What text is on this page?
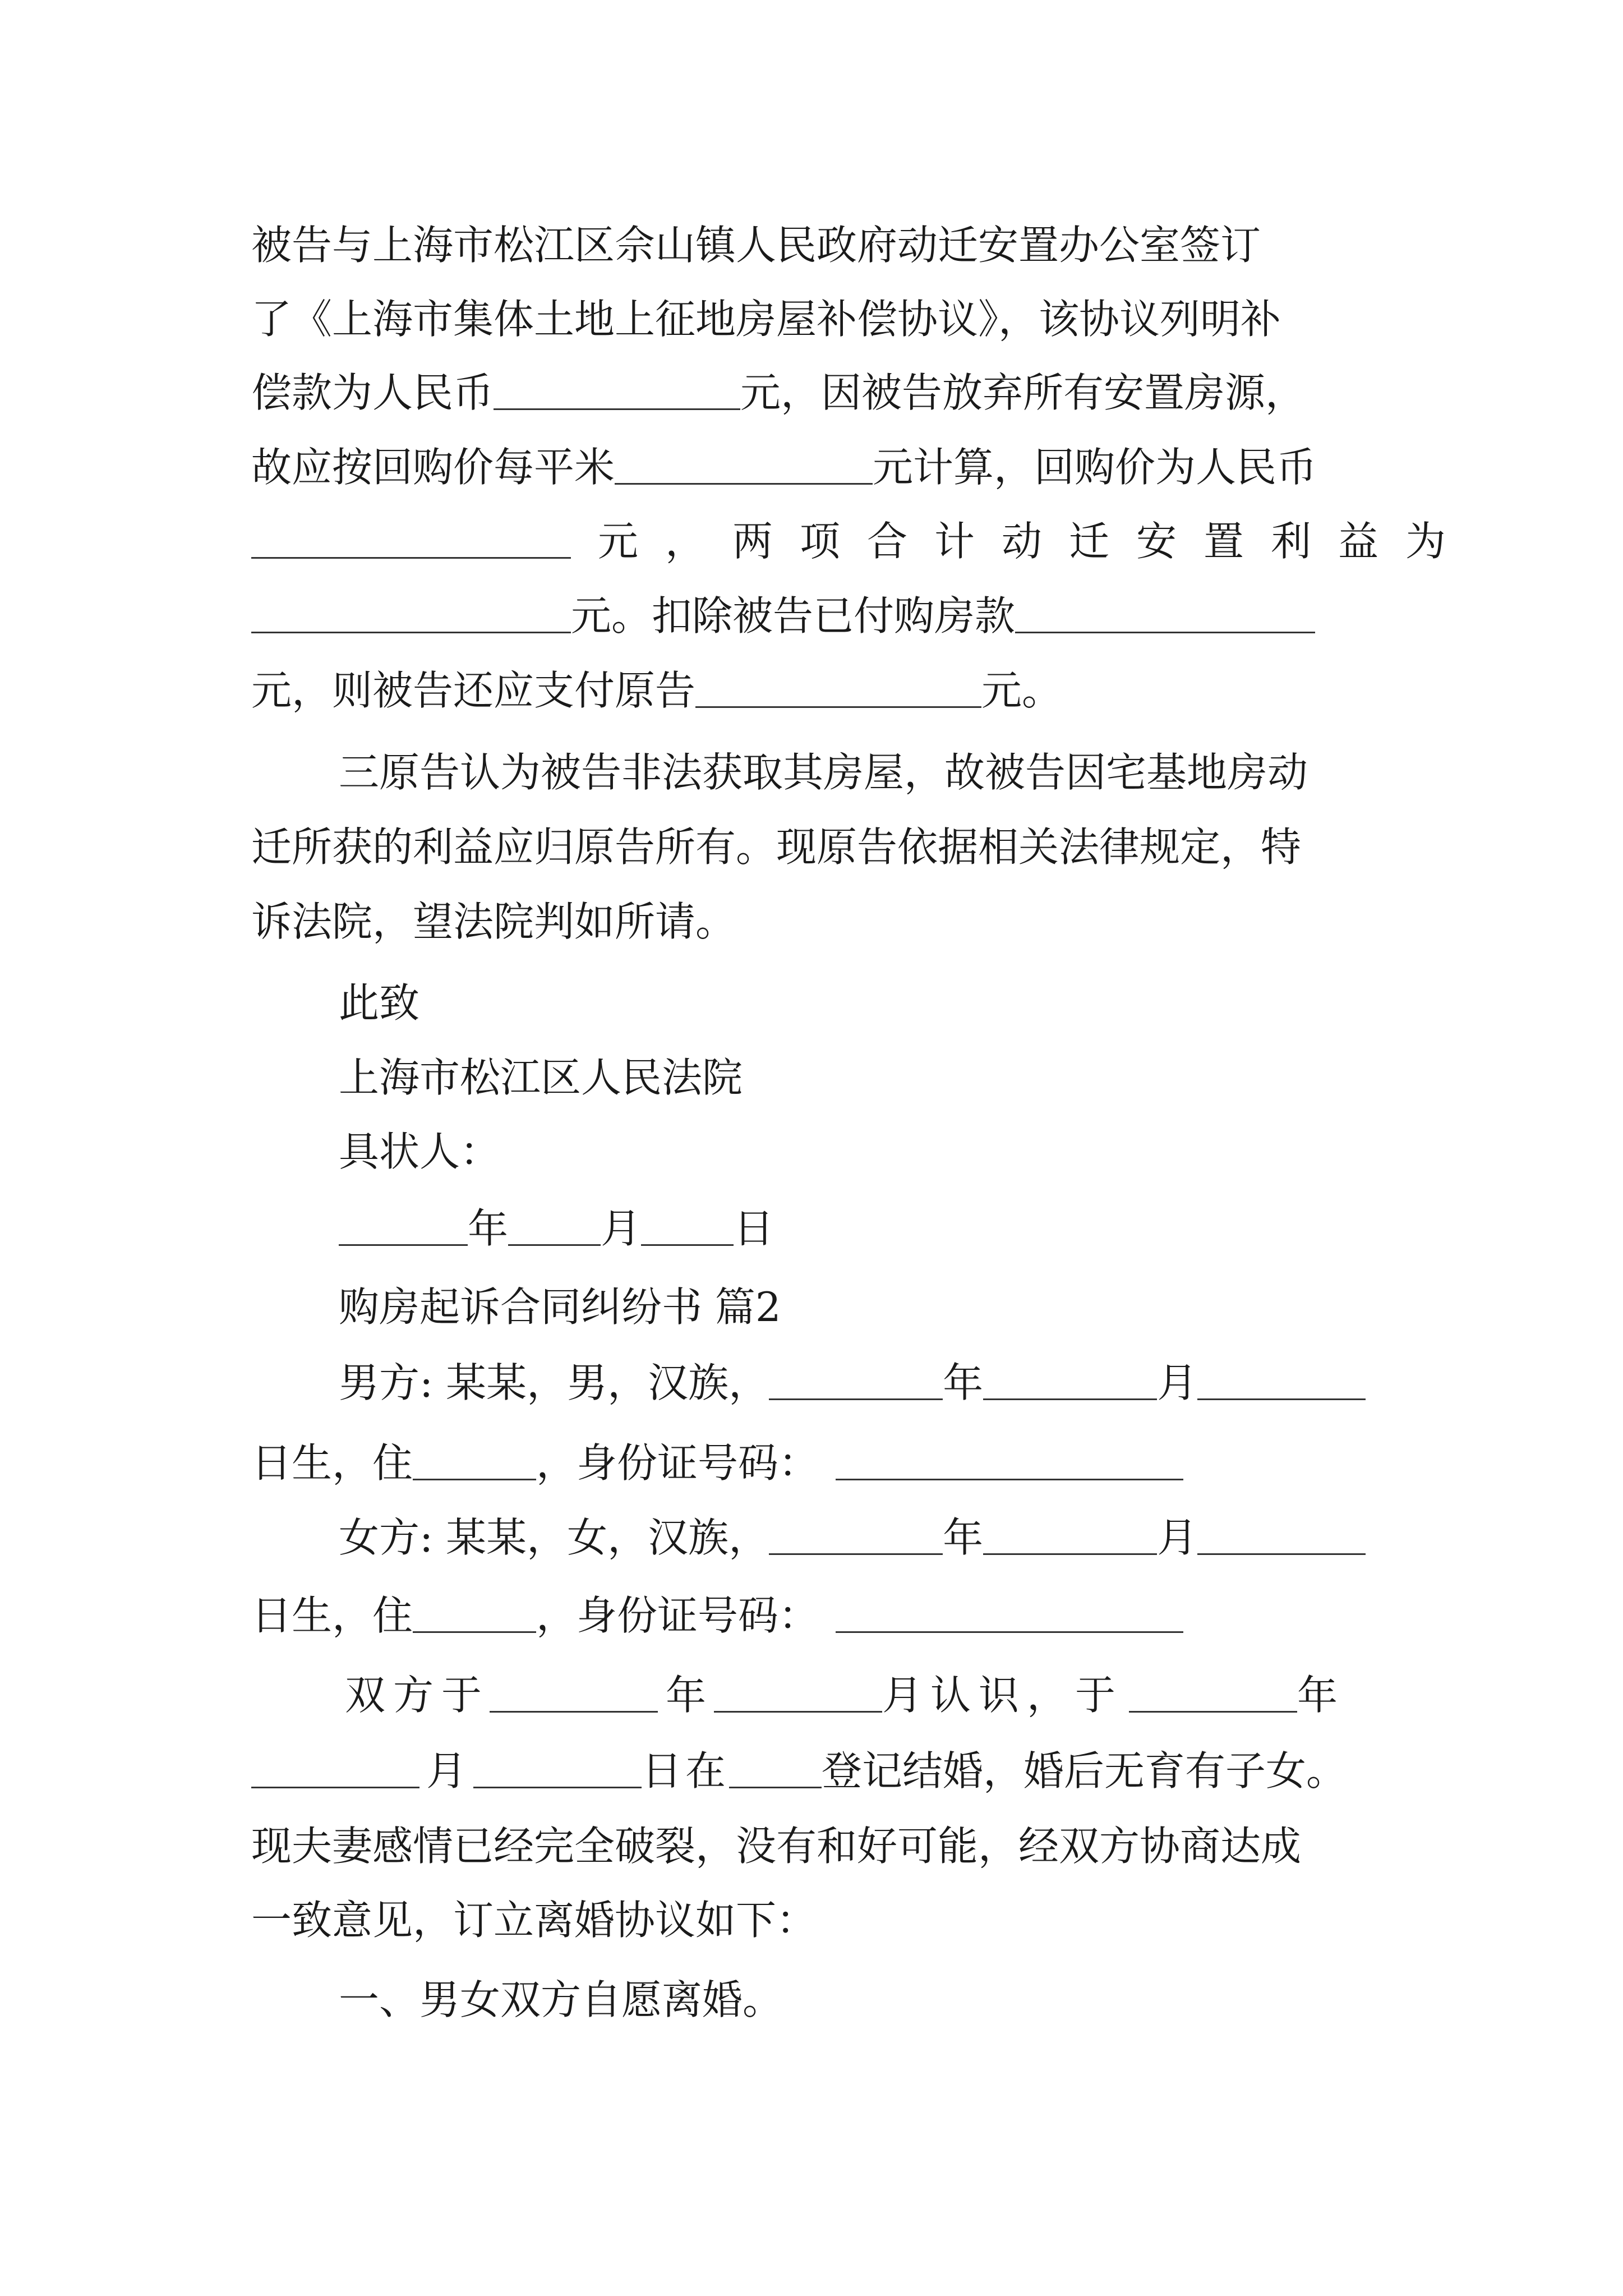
被告与上海市松江区佘山镇人民政府动迁安置办公室签订
了《上海市集体土地上征地房屋补偿协议》，该协议列明补
偿款为人民币	元，因被告放弃所有安置房源，
故应按回购价每平米	元计算，回购价为人民币
元，两项合计动迁安置利益为
元。扣除被告已付购房款
元，则被告还应支付原告	元。
三原告认为被告非法获取其房屋，故被告因宅基地房动
迁所获的利益应归原告所有。现原告依据相关法律规定，特
诉法院，望法院判如所请。
此致
上海市松江区人民法院
具状人：
年 月 日
购房起诉合同纠纷书 篇2
男方: 某某，男，汉族，	年	月
日生，住	，身份证号码：
女方: 某某，女，汉族，	年	月
日生，住	，身份证号码：
双方于	年	月认识，于	年
月	日在 登记结婚，婚后无育有子女。
现夫妻感情已经完全破裂，没有和好可能，经双方协商达成
一致意见，订立离婚协议如下：
一、男女双方自愿离婚。
